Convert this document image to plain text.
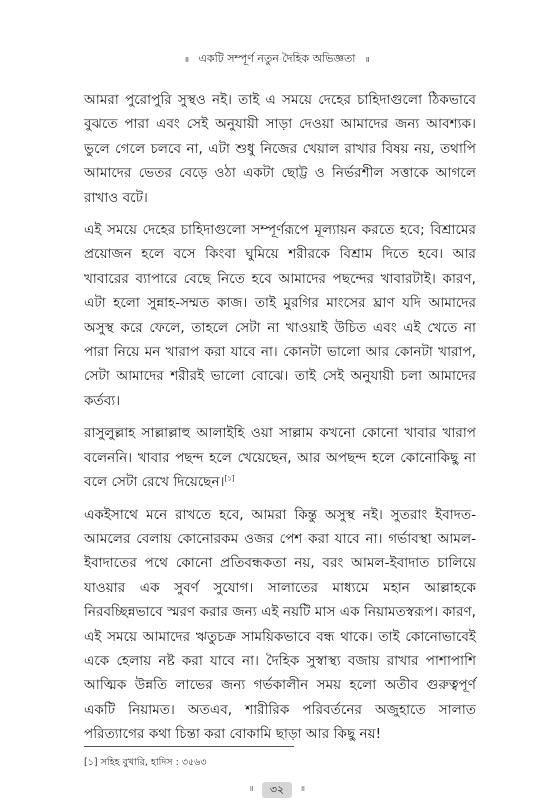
॥ একটি সম্পূর্ণ নতুন দৈহিক অভিজ্ঞতা ॥

আমরা পুরোপুরি সুস্থও নই। তাই এ সময়ে দেহের চাহিদাগুলো ঠিকভাবে বুঝতে পারা এবং সেই অনুযায়ী সাড়া দেওয়া আমাদের জন্য আবশ্যক। ভুলে গেলে চলবে না, এটা শুধু নিজের খেয়াল রাখার বিষয় নয়, তথাপি আমাদের ভেতর বেড়ে ওঠা একটা ছোট্ট ও নির্ভরশীল সত্তাকে আগলে রাখাও বটে।

এই সময়ে দেহের চাহিদাগুলো সম্পূর্ণরূপে মূল্যায়ন করতে হবে; বিশ্রামের প্রয়োজন হলে বসে কিংবা ঘুমিয়ে শরীরকে বিশ্রাম দিতে হবে। আর খাবারের ব্যাপারে বেছে নিতে হবে আমাদের পছন্দের খাবারটাই। কারণ, এটা হলো সুন্নাহ-সম্মত কাজ। তাই মুরগির মাংসের ঘ্রাণ যদি আমাদের অসুস্থ করে ফেলে, তাহলে সেটা না খাওয়াই উচিত এবং এই খেতে না পারা নিয়ে মন খারাপ করা যাবে না। কোনটা ভালো আর কোনটা খারাপ, সেটা আমাদের শরীরই ভালো বোঝে। তাই সেই অনুযায়ী চলা আমাদের কর্তব্য।

রাসুলুল্লাহ সাল্লাল্লাহু আলাইহি ওয়া সাল্লাম কখনো কোনো খাবার খারাপ বলেননি। খাবার পছন্দ হলে খেয়েছেন, আর অপছন্দ হলে কোনোকিছু না বলে সেটা রেখে দিয়েছেন।[১]

একইসাথে মনে রাখতে হবে, আমরা কিন্তু অসুস্থ নই। সুতরাং ইবাদত-আমলের বেলায় কোনোরকম ওজর পেশ করা যাবে না। গর্ভাবস্থা আমল-ইবাদাতের পথে কোনো প্রতিবন্ধকতা নয়, বরং আমল-ইবাদাত চালিয়ে যাওয়ার এক সুবর্ণ সুযোগ। সালাতের মাধ্যমে মহান আল্লাহকে নিরবচ্ছিন্নভাবে স্মরণ করার জন্য এই নয়টি মাস এক নিয়ামতস্বরূপ। কারণ, এই সময়ে আমাদের ঋতুচক্র সাময়িকভাবে বন্ধ থাকে। তাই কোনোভাবেই একে হেলায় নষ্ট করা যাবে না। দৈহিক সুস্বাস্থ্য বজায় রাখার পাশাপাশি আত্মিক উন্নতি লাভের জন্য গর্ভকালীন সময় হলো অতীব গুরুত্বপূর্ণ একটি নিয়ামত। অতএব, শারীরিক পরিবর্তনের অজুহাতে সালাত পরিত্যাগের কথা চিন্তা করা বোকামি ছাড়া আর কিছু নয়!

[১] সহিহ বুখারি, হাদিস : ৩৫৬৩
॥ ৩২ ॥
